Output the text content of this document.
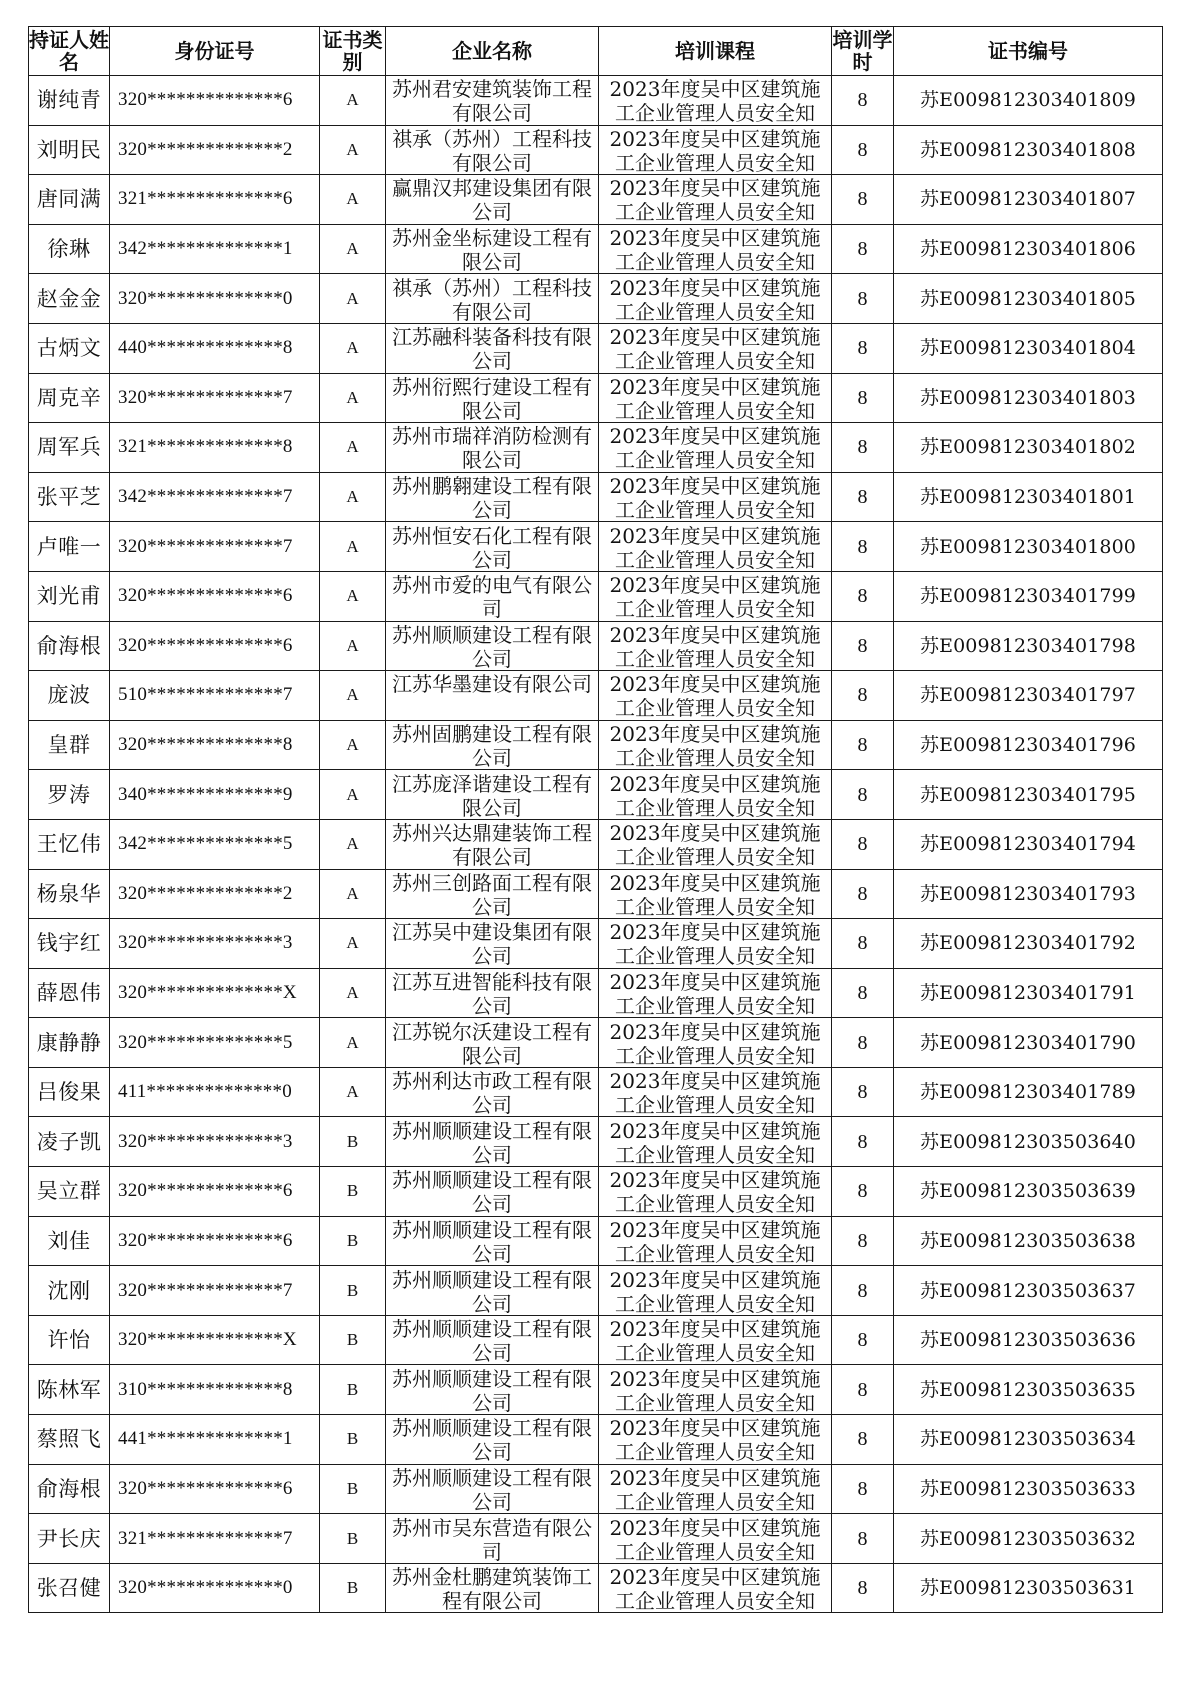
持证人姓名	身份证号	证书类别	企业名称	培训课程	培训学时	证书编号
谢纯青	320**************6	A	苏州君安建筑装饰工程有限公司	2023年度吴中区建筑施工企业管理人员安全知	8	苏E009812303401809
刘明民	320**************2	A	祺承（苏州）工程科技有限公司	2023年度吴中区建筑施工企业管理人员安全知	8	苏E009812303401808
唐同满	321**************6	A	赢鼎汉邦建设集团有限公司	2023年度吴中区建筑施工企业管理人员安全知	8	苏E009812303401807
徐琳	342**************1	A	苏州金坐标建设工程有限公司	2023年度吴中区建筑施工企业管理人员安全知	8	苏E009812303401806
赵金金	320**************0	A	祺承（苏州）工程科技有限公司	2023年度吴中区建筑施工企业管理人员安全知	8	苏E009812303401805
古炳文	440**************8	A	江苏融科装备科技有限公司	2023年度吴中区建筑施工企业管理人员安全知	8	苏E009812303401804
周克辛	320**************7	A	苏州衍熙行建设工程有限公司	2023年度吴中区建筑施工企业管理人员安全知	8	苏E009812303401803
周军兵	321**************8	A	苏州市瑞祥消防检测有限公司	2023年度吴中区建筑施工企业管理人员安全知	8	苏E009812303401802
张平芝	342**************7	A	苏州鹏翱建设工程有限公司	2023年度吴中区建筑施工企业管理人员安全知	8	苏E009812303401801
卢唯一	320**************7	A	苏州恒安石化工程有限公司	2023年度吴中区建筑施工企业管理人员安全知	8	苏E009812303401800
刘光甫	320**************6	A	苏州市爱的电气有限公司	2023年度吴中区建筑施工企业管理人员安全知	8	苏E009812303401799
俞海根	320**************6	A	苏州顺顺建设工程有限公司	2023年度吴中区建筑施工企业管理人员安全知	8	苏E009812303401798
庞波	510**************7	A	江苏华墨建设有限公司	2023年度吴中区建筑施工企业管理人员安全知	8	苏E009812303401797
皇群	320**************8	A	苏州固鹏建设工程有限公司	2023年度吴中区建筑施工企业管理人员安全知	8	苏E009812303401796
罗涛	340**************9	A	江苏庞泽谐建设工程有限公司	2023年度吴中区建筑施工企业管理人员安全知	8	苏E009812303401795
王忆伟	342**************5	A	苏州兴达鼎建装饰工程有限公司	2023年度吴中区建筑施工企业管理人员安全知	8	苏E009812303401794
杨泉华	320**************2	A	苏州三创路面工程有限公司	2023年度吴中区建筑施工企业管理人员安全知	8	苏E009812303401793
钱宇红	320**************3	A	江苏吴中建设集团有限公司	2023年度吴中区建筑施工企业管理人员安全知	8	苏E009812303401792
薛恩伟	320**************X	A	江苏互进智能科技有限公司	2023年度吴中区建筑施工企业管理人员安全知	8	苏E009812303401791
康静静	320**************5	A	江苏锐尔沃建设工程有限公司	2023年度吴中区建筑施工企业管理人员安全知	8	苏E009812303401790
吕俊果	411**************0	A	苏州利达市政工程有限公司	2023年度吴中区建筑施工企业管理人员安全知	8	苏E009812303401789
凌子凯	320**************3	B	苏州顺顺建设工程有限公司	2023年度吴中区建筑施工企业管理人员安全知	8	苏E009812303503640
吴立群	320**************6	B	苏州顺顺建设工程有限公司	2023年度吴中区建筑施工企业管理人员安全知	8	苏E009812303503639
刘佳	320**************6	B	苏州顺顺建设工程有限公司	2023年度吴中区建筑施工企业管理人员安全知	8	苏E009812303503638
沈刚	320**************7	B	苏州顺顺建设工程有限公司	2023年度吴中区建筑施工企业管理人员安全知	8	苏E009812303503637
许怡	320**************X	B	苏州顺顺建设工程有限公司	2023年度吴中区建筑施工企业管理人员安全知	8	苏E009812303503636
陈林军	310**************8	B	苏州顺顺建设工程有限公司	2023年度吴中区建筑施工企业管理人员安全知	8	苏E009812303503635
蔡照飞	441**************1	B	苏州顺顺建设工程有限公司	2023年度吴中区建筑施工企业管理人员安全知	8	苏E009812303503634
俞海根	320**************6	B	苏州顺顺建设工程有限公司	2023年度吴中区建筑施工企业管理人员安全知	8	苏E009812303503633
尹长庆	321**************7	B	苏州市吴东营造有限公司	2023年度吴中区建筑施工企业管理人员安全知	8	苏E009812303503632
张召健	320**************0	B	苏州金杜鹏建筑装饰工程有限公司	2023年度吴中区建筑施工企业管理人员安全知	8	苏E009812303503631
